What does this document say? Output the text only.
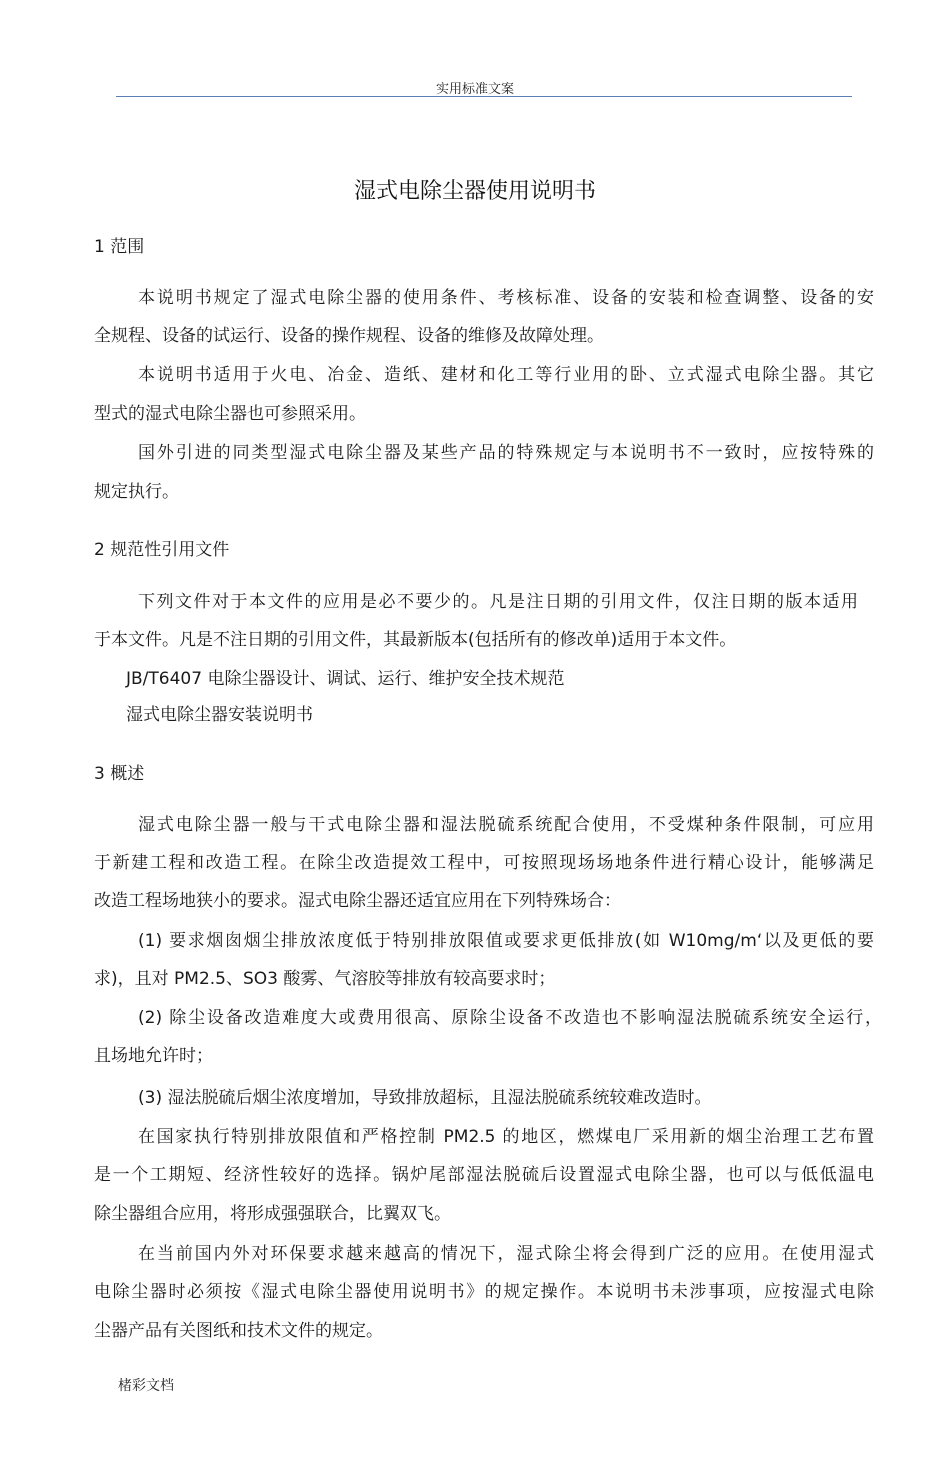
实用标准文案
湿式电除尘器使用说明书
1 范围
本说明书规定了湿式电除尘器的使用条件、考核标准、设备的安装和检查调整、设备的安
全规程、设备的试运行、设备的操作规程、设备的维修及故障处理。
本说明书适用于火电、冶金、造纸、建材和化工等行业用的卧、立式湿式电除尘器。其它
型式的湿式电除尘器也可参照采用。
国外引进的同类型湿式电除尘器及某些产品的特殊规定与本说明书不一致时，应按特殊的
规定执行。
2 规范性引用文件
下列文件对于本文件的应用是必不要少的。凡是注日期的引用文件，仅注日期的版本适用
于本文件。凡是不注日期的引用文件，其最新版本(包括所有的修改单)适用于本文件。
JB/T6407 电除尘器设计、调试、运行、维护安全技术规范
湿式电除尘器安装说明书
3 概述
湿式电除尘器一般与干式电除尘器和湿法脱硫系统配合使用，不受煤种条件限制，可应用
于新建工程和改造工程。在除尘改造提效工程中，可按照现场场地条件进行精心设计，能够满足
改造工程场地狭小的要求。湿式电除尘器还适宜应用在下列特殊场合：
(1) 要求烟囱烟尘排放浓度低于特别排放限值或要求更低排放(如 W10mg/m‘以及更低的要
求)，且对 PM2.5、SO3 酸雾、气溶胶等排放有较高要求时；
(2) 除尘设备改造难度大或费用很高、原除尘设备不改造也不影响湿法脱硫系统安全运行，
且场地允许时；
(3) 湿法脱硫后烟尘浓度增加，导致排放超标，且湿法脱硫系统较难改造时。
在国家执行特别排放限值和严格控制 PM2.5 的地区，燃煤电厂采用新的烟尘治理工艺布置
是一个工期短、经济性较好的选择。锅炉尾部湿法脱硫后设置湿式电除尘器，也可以与低低温电
除尘器组合应用，将形成强强联合，比翼双飞。
在当前国内外对环保要求越来越高的情况下，湿式除尘将会得到广泛的应用。在使用湿式
电除尘器时必须按《湿式电除尘器使用说明书》的规定操作。本说明书未涉事项，应按湿式电除
尘器产品有关图纸和技术文件的规定。
楮彩文档
